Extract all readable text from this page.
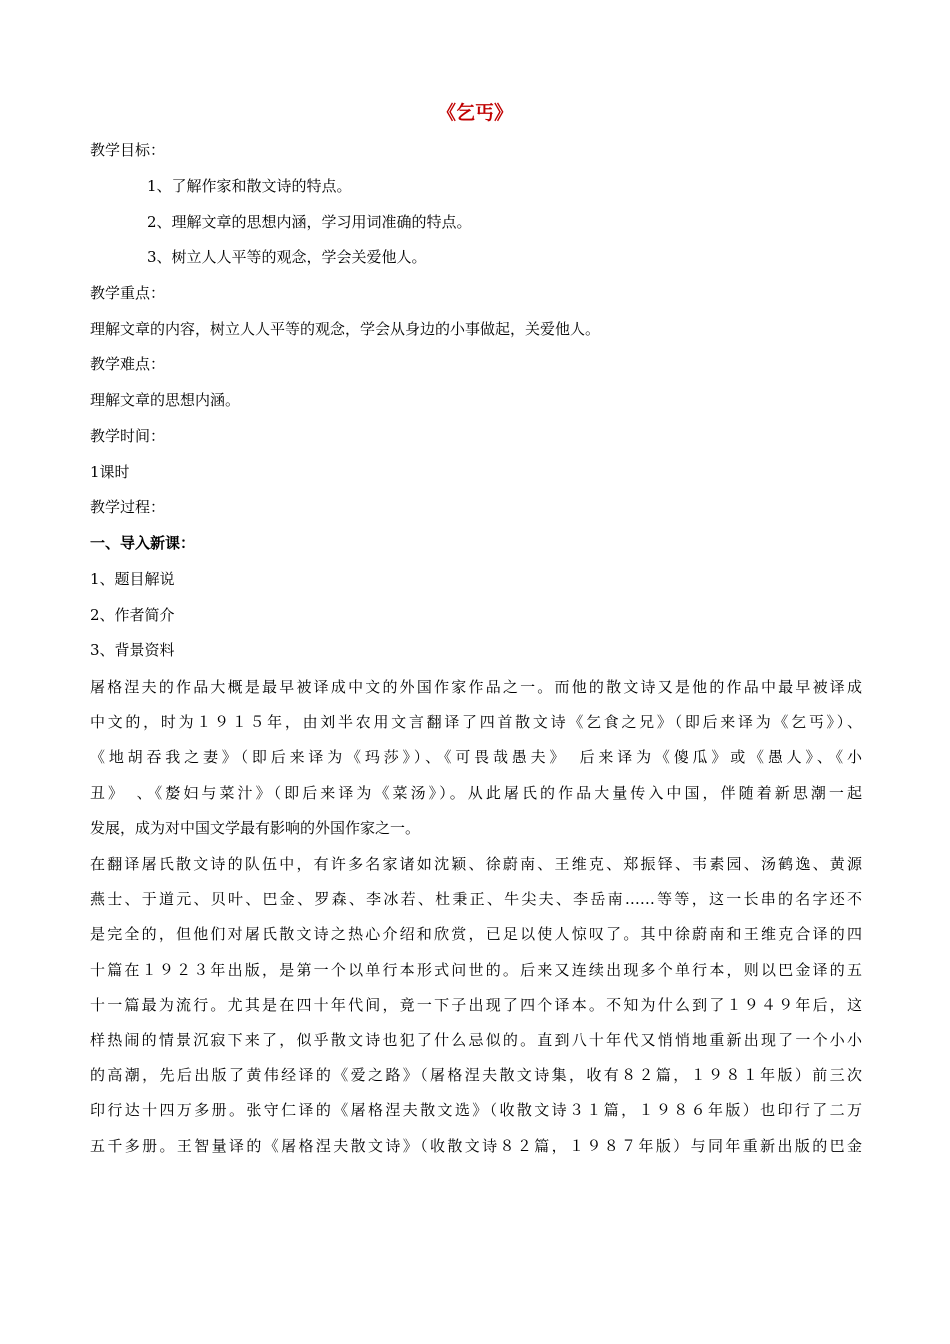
《乞丐》
教学目标：
1、了解作家和散文诗的特点。
2、理解文章的思想内涵，学习用词准确的特点。
3、树立人人平等的观念，学会关爱他人。
教学重点：
理解文章的内容，树立人人平等的观念，学会从身边的小事做起，关爱他人。
教学难点：
理解文章的思想内涵。
教学时间：
1课时
教学过程：
一、导入新课：
1、题目解说
2、作者简介
3、背景资料
屠格涅夫的作品大概是最早被译成中文的外国作家作品之一。而他的散文诗又是他的作品中最早被译成
中文的，时为１９１５年，由刘半农用文言翻译了四首散文诗《乞食之兄》（即后来译为《乞丐》）、
《地胡吞我之妻》（即后来译为《玛莎》）、《可畏哉愚夫》　后来译为《傻瓜》或《愚人》、《小
丑》　、《嫠妇与菜汁》（即后来译为《菜汤》）。从此屠氏的作品大量传入中国，伴随着新思潮一起
发展，成为对中国文学最有影响的外国作家之一。
在翻译屠氏散文诗的队伍中，有许多名家诸如沈颖、徐蔚南、王维克、郑振铎、韦素园、汤鹤逸、黄源
燕士、于道元、贝叶、巴金、罗森、李冰若、杜秉正、牛尖夫、李岳南……等等，这一长串的名字还不
是完全的，但他们对屠氏散文诗之热心介绍和欣赏，已足以使人惊叹了。其中徐蔚南和王维克合译的四
十篇在１９２３年出版，是第一个以单行本形式问世的。后来又连续出现多个单行本，则以巴金译的五
十一篇最为流行。尤其是在四十年代间，竟一下子出现了四个译本。不知为什么到了１９４９年后，这
样热闹的情景沉寂下来了，似乎散文诗也犯了什么忌似的。直到八十年代又悄悄地重新出现了一个小小
的高潮，先后出版了黄伟经译的《爱之路》（屠格涅夫散文诗集，收有８２篇，１９８１年版）前三次
印行达十四万多册。张守仁译的《屠格涅夫散文选》（收散文诗３１篇，１９８６年版）也印行了二万
五千多册。王智量译的《屠格涅夫散文诗》（收散文诗８２篇，１９８７年版）与同年重新出版的巴金
